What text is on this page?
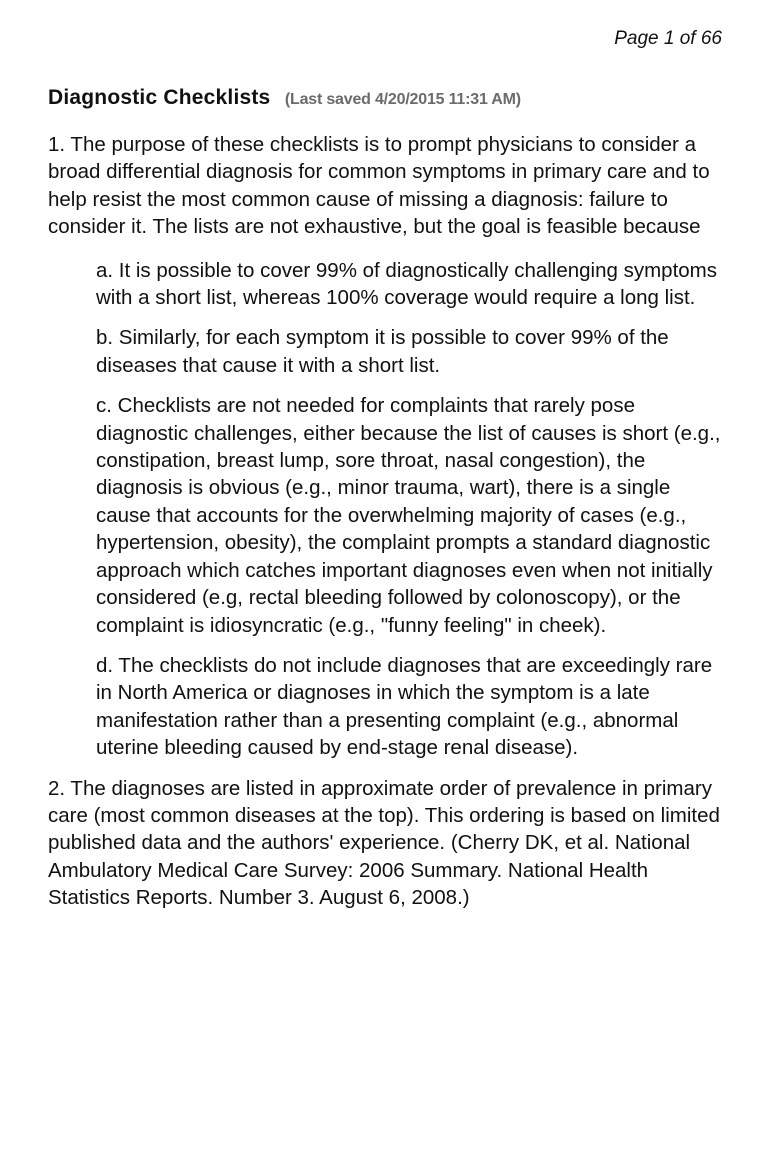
Page 1 of 66
Diagnostic Checklists (Last saved 4/20/2015 11:31 AM)

1. The purpose of these checklists is to prompt physicians to consider a broad differential diagnosis for common symptoms in primary care and to help resist the most common cause of missing a diagnosis: failure to consider it. The lists are not exhaustive, but the goal is feasible because

a. It is possible to cover 99% of diagnostically challenging symptoms with a short list, whereas 100% coverage would require a long list.

b. Similarly, for each symptom it is possible to cover 99% of the diseases that cause it with a short list.

c. Checklists are not needed for complaints that rarely pose diagnostic challenges, either because the list of causes is short (e.g., constipation, breast lump, sore throat, nasal congestion), the diagnosis is obvious (e.g., minor trauma, wart), there is a single cause that accounts for the overwhelming majority of cases (e.g., hypertension, obesity), the complaint prompts a standard diagnostic approach which catches important diagnoses even when not initially considered (e.g, rectal bleeding followed by colonoscopy), or the complaint is idiosyncratic (e.g., "funny feeling" in cheek).

d. The checklists do not include diagnoses that are exceedingly rare in North America or diagnoses in which the symptom is a late manifestation rather than a presenting complaint (e.g., abnormal uterine bleeding caused by end-stage renal disease).

2. The diagnoses are listed in approximate order of prevalence in primary care (most common diseases at the top). This ordering is based on limited published data and the authors' experience. (Cherry DK, et al. National Ambulatory Medical Care Survey: 2006 Summary. National Health Statistics Reports. Number 3. August 6, 2008.)
